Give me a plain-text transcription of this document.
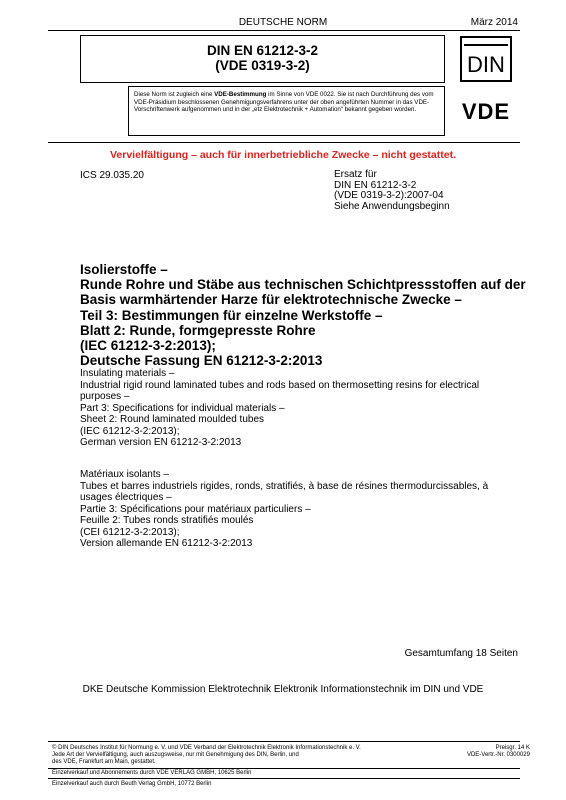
DEUTSCHE NORM	März 2014
DIN EN 61212-3-2
(VDE 0319-3-2)	DIN
Diese Norm ist zugleich eine VDE-Bestimmung im Sinne von VDE 0022. Sie ist nach Durchführung des vom VDE-Präsidium beschlossenen Genehmigungsverfahrens unter der oben angeführten Nummer in das VDE-Vorschriftenwerk aufgenommen und in der „etz Elektrotechnik + Automation“ bekannt gegeben worden.	VDE
Vervielfältigung – auch für innerbetriebliche Zwecke – nicht gestattet.
ICS 29.035.20	Ersatz für
DIN EN 61212-3-2
(VDE 0319-3-2):2007-04
Siehe Anwendungsbeginn
Isolierstoffe –
Runde Rohre und Stäbe aus technischen Schichtpressstoffen auf der
Basis warmhärtender Harze für elektrotechnische Zwecke –
Teil 3: Bestimmungen für einzelne Werkstoffe –
Blatt 2: Runde, formgepresste Rohre
(IEC 61212-3-2:2013);
Deutsche Fassung EN 61212-3-2:2013
Insulating materials –
Industrial rigid round laminated tubes and rods based on thermosetting resins for electrical
purposes –
Part 3: Specifications for individual materials –
Sheet 2: Round laminated moulded tubes
(IEC 61212-3-2:2013);
German version EN 61212-3-2:2013
Matériaux isolants –
Tubes et barres industriels rigides, ronds, stratifiés, à base de résines thermodurcissables, à
usages électriques –
Partie 3: Spécifications pour matériaux particuliers –
Feuille 2: Tubes ronds stratifiés moulés
(CEI 61212-3-2:2013);
Version allemande EN 61212-3-2:2013
Gesamtumfang 18 Seiten
DKE Deutsche Kommission Elektrotechnik Elektronik Informationstechnik im DIN und VDE
© DIN Deutsches Institut für Normung e. V. und VDE Verband der Elektrotechnik Elektronik Informationstechnik e. V.
Jede Art der Vervielfältigung, auch auszugsweise, nur mit Genehmigung des DIN, Berlin, und
des VDE, Frankfurt am Main, gestattet.
Preisgr. 14 K
VDE-Vertr.-Nr. 0300029
Einzelverkauf und Abonnements durch VDE VERLAG GMBH, 10625 Berlin
Einzelverkauf auch durch Beuth Verlag GmbH, 10772 Berlin
